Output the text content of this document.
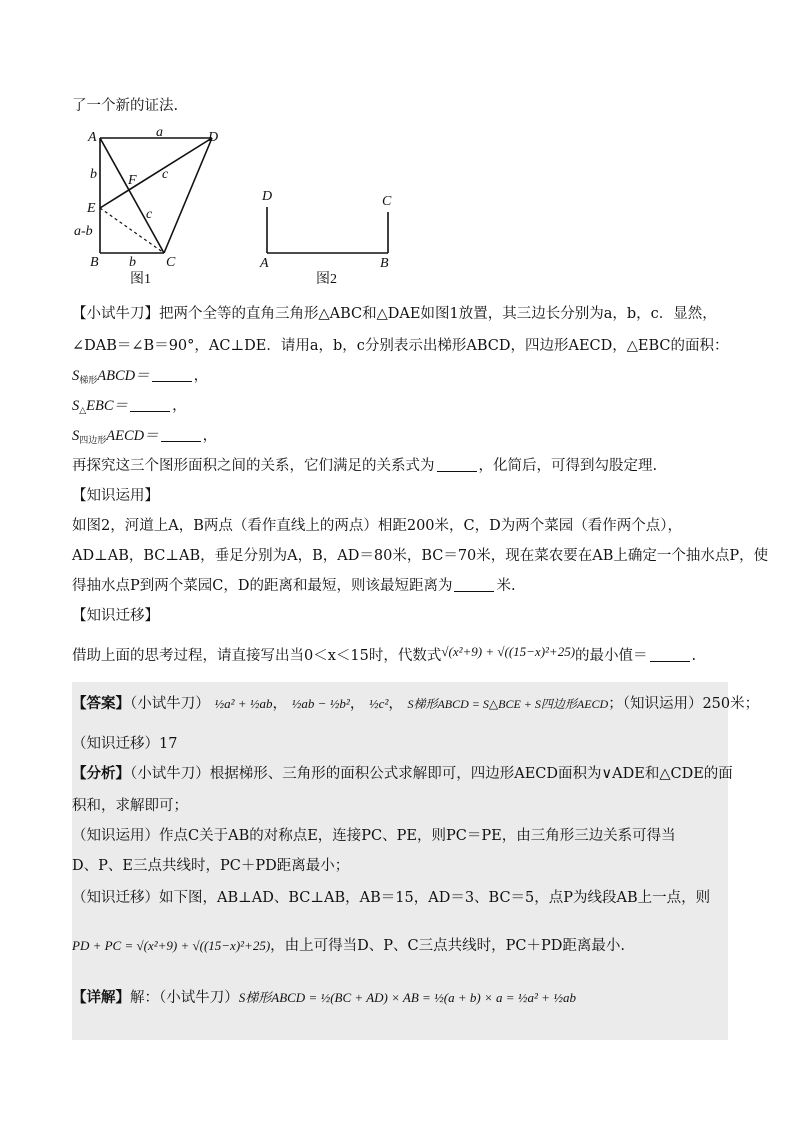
了一个新的证法.
A	D
F
E
B	C
a
b	c
c
a-b
b
图1
D	C
A	B
图2
【小试牛刀】把两个全等的直角三角形△ABC和△DAE如图1放置，其三边长分别为a，b，c．显然，
∠DAB＝∠B＝90°，AC⊥DE．请用a，b，c分别表示出梯形ABCD，四边形AECD，△EBC的面积：
$S_{梯形}ABCD=$	，
$S_\triangle EBC=$	，
$S_{四边形}AECD=$	，
再探究这三个图形面积之间的关系，它们满足的关系式为	，化简后，可得到勾股定理.
【知识运用】
如图2，河道上A，B两点（看作直线上的两点）相距200米，C，D为两个菜园（看作两个点），
AD⊥AB，BC⊥AB，垂足分别为A，B，AD＝80米，BC＝70米，现在菜农要在AB上确定一个抽水点P，使
得抽水点P到两个菜园C，D的距离和最短，则该最短距离为	米.
【知识迁移】
借助上面的思考过程，请直接写出当0＜x＜15时，代数式√(x²+9) + √((15−x)²+25)的最小值＝	.
【答案】（小试牛刀） ½a² + ½ab， ½ab − ½b²， ½c²， S梯形ABCD = S△BCE + S四边形AECD；（知识运用）250米；
（知识迁移）17
【分析】（小试牛刀）根据梯形、三角形的面积公式求解即可，四边形AECD面积为∨ADE和△CDE的面
积和，求解即可；
（知识运用）作点C关于AB的对称点E，连接PC、PE，则PC＝PE，由三角形三边关系可得当
D、P、E三点共线时，PC＋PD距离最小；
（知识迁移）如下图，AB⊥AD、BC⊥AB，AB＝15，AD＝3、BC＝5，点P为线段AB上一点，则
PD + PC = √(x²+9) + √((15−x)²+25)，由上可得当D、P、C三点共线时，PC＋PD距离最小.
【详解】解：（小试牛刀）S梯形ABCD = ½(BC + AD) × AB = ½(a + b) × a = ½a² + ½ab
